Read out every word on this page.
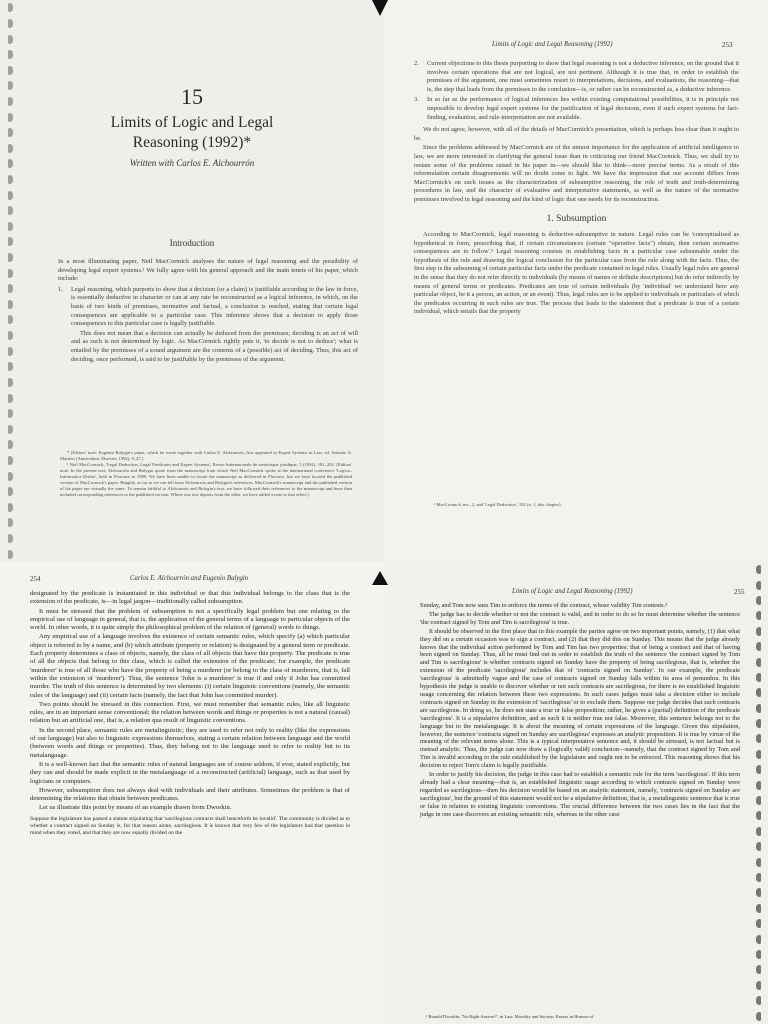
15
Limits of Logic and Legal
Reasoning (1992)*
Written with Carlos E. Alchourrón
Introduction

In a most illuminating paper, Neil MacCormick analyses the nature of legal reasoning and the possibility of developing legal expert systems.¹ We fully agree with his general approach and the main tenets of his paper, which include:

1.	Legal reasoning, which purports to show that a decision (or a claim) is justifiable according to the law in force, is essentially deductive in character or can at any rate be reconstructed as a logical inference, in which, on the basis of two kinds of premisses, normative and factual, a conclusion is reached, stating that certain legal consequences are applicable to a particular case. This inference shows that a decision to apply those consequences to this particular case is legally justifiable.

This does not mean that a decision can actually be deduced from the premisses; deciding is an act of will and as such is not determined by logic. As MacCormick rightly puts it, 'to decide is not to deduce'; what is entailed by the premisses of a sound argument are the contents of a (possible) act of deciding. Thus, this act of deciding, once performed, is said to be justifiable by the premisses of the argument.

* [Editors' note: Eugenio Bulygin's paper, which he wrote together with Carlos E. Alchourrón, first appeared in Expert Systems in Law, ed. Antonio A. Martino (Amsterdam: Elsevier, 1992), 9–27.]

¹ Neil MacCormick, 'Legal Deduction, Legal Predicates and Expert Systems', Revue Internationale de sémiotique juridique, 5 (1992), 181–202. [Editors' note: In the present text, Alchourrón and Bulygin quote from the manuscript from which Neil MacCormick spoke at the international conference 'Logica–Informatica Diritto', held in Florence in 1989. We have been unable to locate the manuscript as delivered in Florence, but we have located the published version of MacCormick's paper. Happily, as far as we can tell from Alchourrón and Bulygin's references, MacCormick's manuscript and the published version of his paper are virtually the same. To remain faithful to Alchourrón and Bulygin's text, we have followed their references to the manuscript and have then included corresponding references to the published version. Where one text departs from the other, we have added a note to that effect.]

Limits of Logic and Legal Reasoning (1992)	253
2.	Current objections to this thesis purporting to show that legal reasoning is not a deductive inference, on the ground that it involves certain operations that are not logical, are not pertinent. Although it is true that, in order to establish the premisses of the argument, one must sometimes resort to interpretations, decisions, and evaluations, the reasoning—that is, the step that leads from the premisses to the conclusion—is, or rather can be reconstructed as, a deductive inference.

3.	In so far as the performance of logical inferences lies within existing computational possibilities, it is in principle not impossible to develop legal expert systems for the justification of legal decisions, even if such expert systems for fact-finding, evaluation, and rule-interpretation are not available.

We do not agree, however, with all of the details of MacCormick's presentation, which is perhaps less clear than it ought to be.

Since the problems addressed by MacCormick are of the utmost importance for the application of artificial intelligence to law, we are more interested in clarifying the general issue than in criticizing our friend MacCormick. Thus, we shall try to restate some of the problems raised in his paper in—we should like to think—more precise terms. As a result of this reformulation certain disagreements will no doubt come to light. We have the impression that our account differs from MacCormick's on such issues as the characterization of subsumptive reasoning, the role of truth and truth-determining procedures in law, and the character of evaluative and interpretative statements, as well as the nature of the normative premisses involved in legal reasoning and the kind of logic that one needs for its reconstruction.

1. Subsumption

According to MacCormick, legal reasoning is deductive-subsumptive in nature. Legal rules can be 'conceptualised as hypothetical in form, prescribing that, if certain circumstances (certain "operative facts") obtain, then certain normative consequences are to follow'.² Legal reasoning consists in establishing facts in a particular case subsumable under the hypothesis of the rule and drawing the logical conclusion for the particular case from the rule along with the facts. Thus, the first step is the subsuming of certain particular facts under the predicate contained in legal rules. Usually legal rules are general in the sense that they do not refer directly to individuals (by means of names or definite descriptions) but do refer indirectly by means of general terms or predicates. Predicates are true of certain individuals (by 'individual' we understand here any particular object, be it a person, an action, or an event). Thus, legal rules are to be applied to individuals or particulars of which the predicates occurring in such rules are true. The process that leads to the statement that a predicate is true of a certain individual, which entails that the property

² MacCormick, ms., 2, and 'Legal Deduction', 182 (n. 1, this chapter).
254	Carlos E. Alchourrón and Eugenio Bulygin

designated by the predicate is instantiated in this individual or that this individual belongs to the class that is the extension of the predicate, is—in legal jargon—traditionally called subsumption.

It must be stressed that the problem of subsumption is not a specifically legal problem but one relating to the empirical use of language in general, that is, the application of the general terms of a language to particular objects of the world. In other words, it is quite simply the philosophical problem of the relation of (general) words to things.

Any empirical use of a language involves the existence of certain semantic rules, which specify (a) which particular object is referred to by a name, and (b) which attribute (property or relation) is designated by a general term or predicate. Each property determines a class of objects, namely, the class of all objects that have this property. The predicate is true of all the objects that belong to this class, which is called the extension of the predicate; for example, the predicate 'murderer' is true of all those who have the property of being a murderer (or belong to the class of murderers, that is, fall within the extension of 'murderer'). Thus, the sentence 'John is a murderer' is true if and only if John has committed murder. The truth of this sentence is determined by two elements: (i) certain linguistic conventions (namely, the semantic rules of the language) and (ii) certain facts (namely, the fact that John has committed murder).

Two points should be stressed in this connection. First, we must remember that semantic rules, like all linguistic rules, are in an important sense conventional; the relation between words and things or properties is not a natural (causal) relation but an artificial one, that is, a relation qua result of linguistic conventions.

In the second place, semantic rules are metalinguistic; they are used to refer not only to reality (like the expressions of our language) but also to linguistic expressions themselves, stating a certain relation between language and the world (between words and things or properties). Thus, they belong not to the language used to refer to reality but to its metalanguage.

It is a well-known fact that the semantic rules of natural languages are of course seldom, if ever, stated explicitly, but they can and should be made explicit in the metalanguage of a reconstructed (artificial) language, such as that used by logicians or computers.

However, subsumption does not always deal with individuals and their attributes. Sometimes the problem is that of determining the relations that obtain between predicates.

Let us illustrate this point by means of an example drawn from Dworkin.

Suppose the legislature has passed a statute stipulating that 'sacrilegious contracts shall henceforth be invalid'. The community is divided as to whether a contract signed on Sunday is, for that reason alone, sacrilegious. It is known that very few of the legislators had that question in mind when they voted, and that they are now equally divided on the

Limits of Logic and Legal Reasoning (1992)	255

Sunday, and Tom now sues Tim to enforce the terms of the contract, whose validity Tim contests.³

The judge has to decide whether or not the contract is valid, and in order to do so he must determine whether the sentence 'the contract signed by Tom and Tim is sacrilegious' is true.

It should be observed in the first place that in this example the parties agree on two important points, namely, (1) that what they did on a certain occasion was to sign a contract, and (2) that they did this on Sunday. This means that the judge already knows that the individual action performed by Tom and Tim has two properties: that of being a contract and that of having been signed on Sunday. Thus, all he must find out in order to establish the truth of the sentence 'the contract signed by Tom and Tim is sacrilegious' is whether contracts signed on Sunday have the property of being sacrilegious, that is, whether the extension of the predicate 'sacrilegious' includes that of 'contracts signed on Sunday'. In our example, the predicate 'sacrilegious' is admittedly vague and the case of contracts signed on Sunday falls within its area of penumbra. In this hypothesis the judge is unable to discover whether or not such contracts are sacrilegious, for there is no established linguistic usage concerning the relation between these two expressions. In such cases judges must take a decision either to include contracts signed on Sunday in the extension of 'sacrilegious' or to exclude them. Suppose our judge decides that such contracts are sacrilegious. In doing so, he does not state a true or false proposition; rather, he gives a (partial) definition of the predicate 'sacrilegious'. It is a stipulative definition, and as such it is neither true nor false. Moreover, this sentence belongs not to the language but to the metalanguage. It is about the meaning of certain expressions of the language. Given this stipulation, however, the sentence 'contracts signed on Sunday are sacrilegious' expresses an analytic proposition. It is true by virtue of the meaning of the relevant terms alone. This is a typical interpretative sentence and, it should be stressed, is not factual but is instead analytic. Thus, the judge can now draw a (logically valid) conclusion—namely, that the contract signed by Tom and Tim is invalid according to the rule established by the legislature and ought not to be enforced. This reasoning shows that his decision to reject Tom's claim is legally justifiable.

In order to justify his decision, the judge in this case had to establish a semantic rule for the term 'sacrilegious'. If this term already had a clear meaning—that is, an established linguistic usage according to which contracts signed on Sunday were regarded as sacrilegious—then his decision would be based on an analytic statement, namely, 'contracts signed on Sunday are sacrilegious', but the ground of this statement would not be a stipulative definition, that is, a metalinguistic sentence that is true or false in relation to existing linguistic conventions. The crucial difference between the two cases lies in the fact that the judge in one case discovers an existing semantic rule, whereas in the other case

³ Ronald Dworkin, 'No Right Answer?', in Law, Morality and Society: Essays in Honour of
